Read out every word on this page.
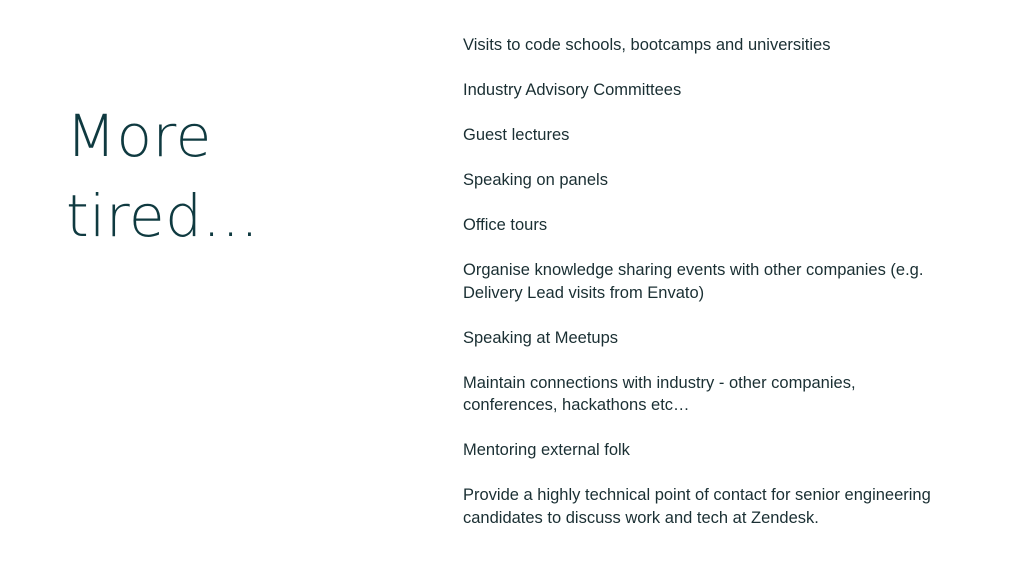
More
tired...
Visits to code schools, bootcamps and universities
Industry Advisory Committees
Guest lectures
Speaking on panels
Office tours
Organise knowledge sharing events with other companies (e.g. Delivery Lead visits from Envato)
Speaking at Meetups
Maintain connections with industry - other companies, conferences, hackathons etc…
Mentoring external folk
Provide a highly technical point of contact for senior engineering candidates to discuss work and tech at Zendesk.
